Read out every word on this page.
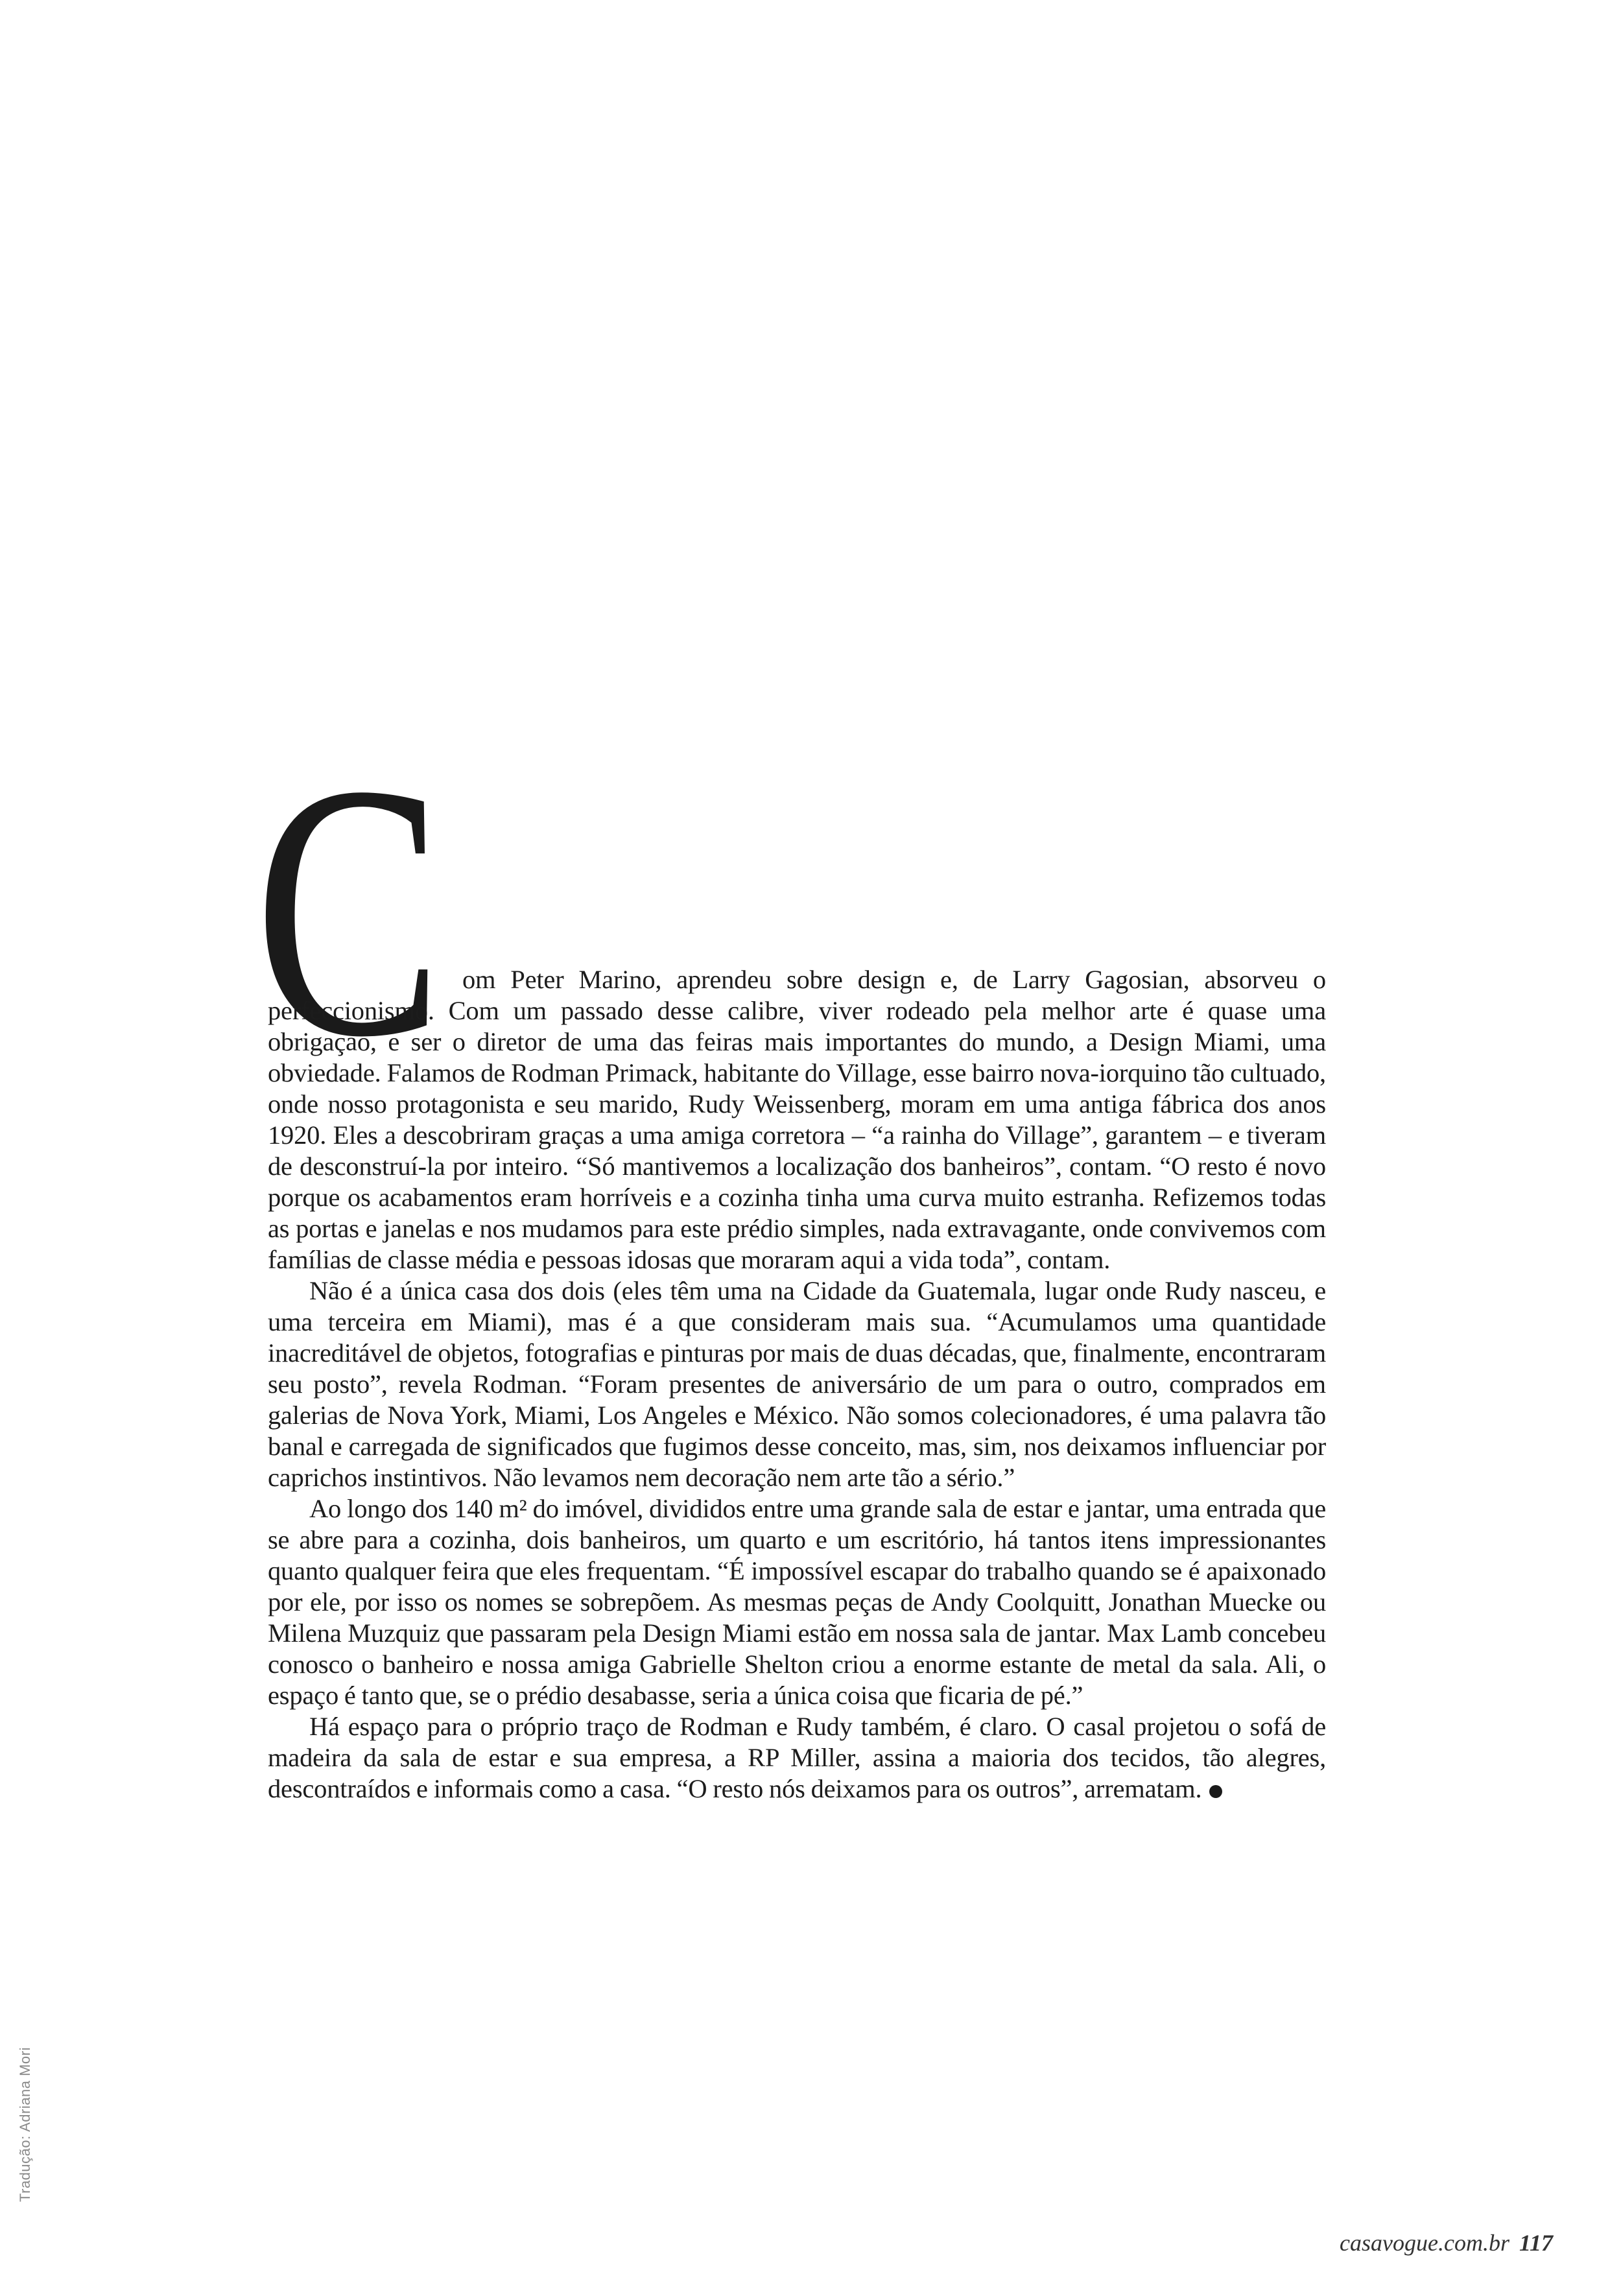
C om Peter Marino, aprendeu sobre design e, de Larry Gagosian, absorveu o perfeccionismo. Com um passado desse calibre, viver rodeado pela melhor arte é quase uma obrigação, e ser o diretor de uma das feiras mais importantes do mundo, a Design Miami, uma obviedade. Falamos de Rodman Primack, habitante do Village, esse bairro nova-iorquino tão cultuado, onde nosso protagonista e seu marido, Rudy Weissenberg, moram em uma antiga fábrica dos anos 1920. Eles a descobriram graças a uma amiga corretora – “a rainha do Village”, garantem – e tiveram de desconstruí-la por inteiro. “Só mantivemos a localização dos banheiros”, contam. “O resto é novo porque os acabamentos eram horríveis e a cozinha tinha uma curva muito estranha. Refizemos todas as portas e janelas e nos mudamos para este prédio simples, nada extravagante, onde convivemos com famílias de classe média e pessoas idosas que moraram aqui a vida toda”, contam.

Não é a única casa dos dois (eles têm uma na Cidade da Guatemala, lugar onde Rudy nasceu, e uma terceira em Miami), mas é a que consideram mais sua. “Acumulamos uma quantidade inacreditável de objetos, fotografias e pinturas por mais de duas décadas, que, finalmente, encontraram seu posto”, revela Rodman. “Foram presentes de aniversário de um para o outro, comprados em galerias de Nova York, Miami, Los Angeles e México. Não somos colecionadores, é uma palavra tão banal e carregada de significados que fugimos desse conceito, mas, sim, nos deixamos influenciar por caprichos instintivos. Não levamos nem decoração nem arte tão a sério.”

Ao longo dos 140 m² do imóvel, divididos entre uma grande sala de estar e jantar, uma entrada que se abre para a cozinha, dois banheiros, um quarto e um escritório, há tantos itens impressionantes quanto qualquer feira que eles frequentam. “É impossível escapar do trabalho quando se é apaixonado por ele, por isso os nomes se sobrepõem. As mesmas peças de Andy Coolquitt, Jonathan Muecke ou Milena Muzquiz que passaram pela Design Miami estão em nossa sala de jantar. Max Lamb concebeu conosco o banheiro e nossa amiga Gabrielle Shelton criou a enorme estante de metal da sala. Ali, o espaço é tanto que, se o prédio desabasse, seria a única coisa que ficaria de pé.”

Há espaço para o próprio traço de Rodman e Rudy também, é claro. O casal projetou o sofá de madeira da sala de estar e sua empresa, a RP Miller, assina a maioria dos tecidos, tão alegres, descontraídos e informais como a casa. “O resto nós deixamos para os outros”, arrematam.

Tradução: Adriana Mori
casavogue.com.br 117
